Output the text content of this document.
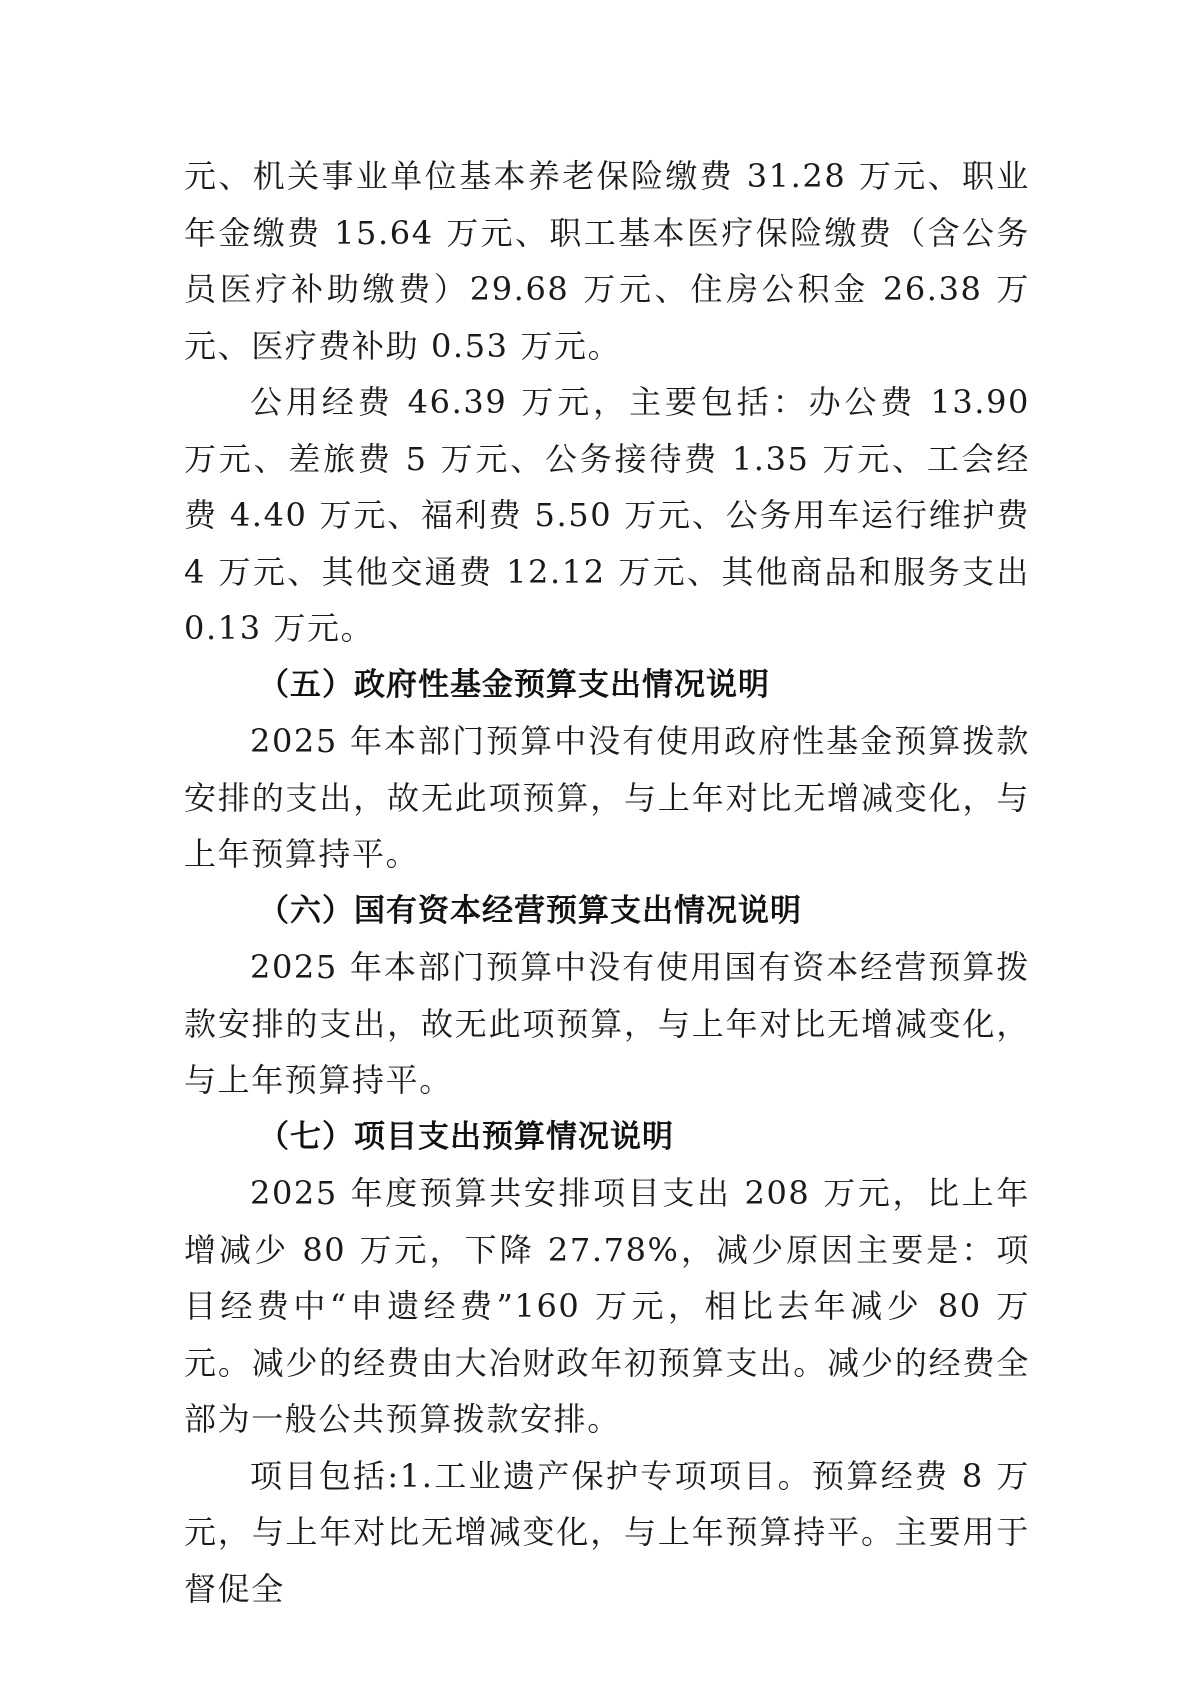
元、机关事业单位基本养老保险缴费 31.28 万元、职业年金缴费 15.64 万元、职工基本医疗保险缴费（含公务员医疗补助缴费）29.68 万元、住房公积金 26.38 万元、医疗费补助 0.53 万元。

公用经费 46.39 万元，主要包括：办公费 13.90 万元、差旅费 5 万元、公务接待费 1.35 万元、工会经费 4.40 万元、福利费 5.50 万元、公务用车运行维护费 4 万元、其他交通费 12.12 万元、其他商品和服务支出 0.13 万元。

（五）政府性基金预算支出情况说明

2025 年本部门预算中没有使用政府性基金预算拨款安排的支出，故无此项预算，与上年对比无增减变化，与上年预算持平。

（六）国有资本经营预算支出情况说明

2025 年本部门预算中没有使用国有资本经营预算拨款安排的支出，故无此项预算，与上年对比无增减变化，与上年预算持平。

（七）项目支出预算情况说明

2025 年度预算共安排项目支出 208 万元，比上年增减少 80 万元，下降 27.78%，减少原因主要是：项目经费中“申遗经费”160 万元，相比去年减少 80 万元。减少的经费由大冶财政年初预算支出。减少的经费全部为一般公共预算拨款安排。

项目包括:1.工业遗产保护专项项目。预算经费 8 万元，与上年对比无增减变化，与上年预算持平。主要用于督促全
